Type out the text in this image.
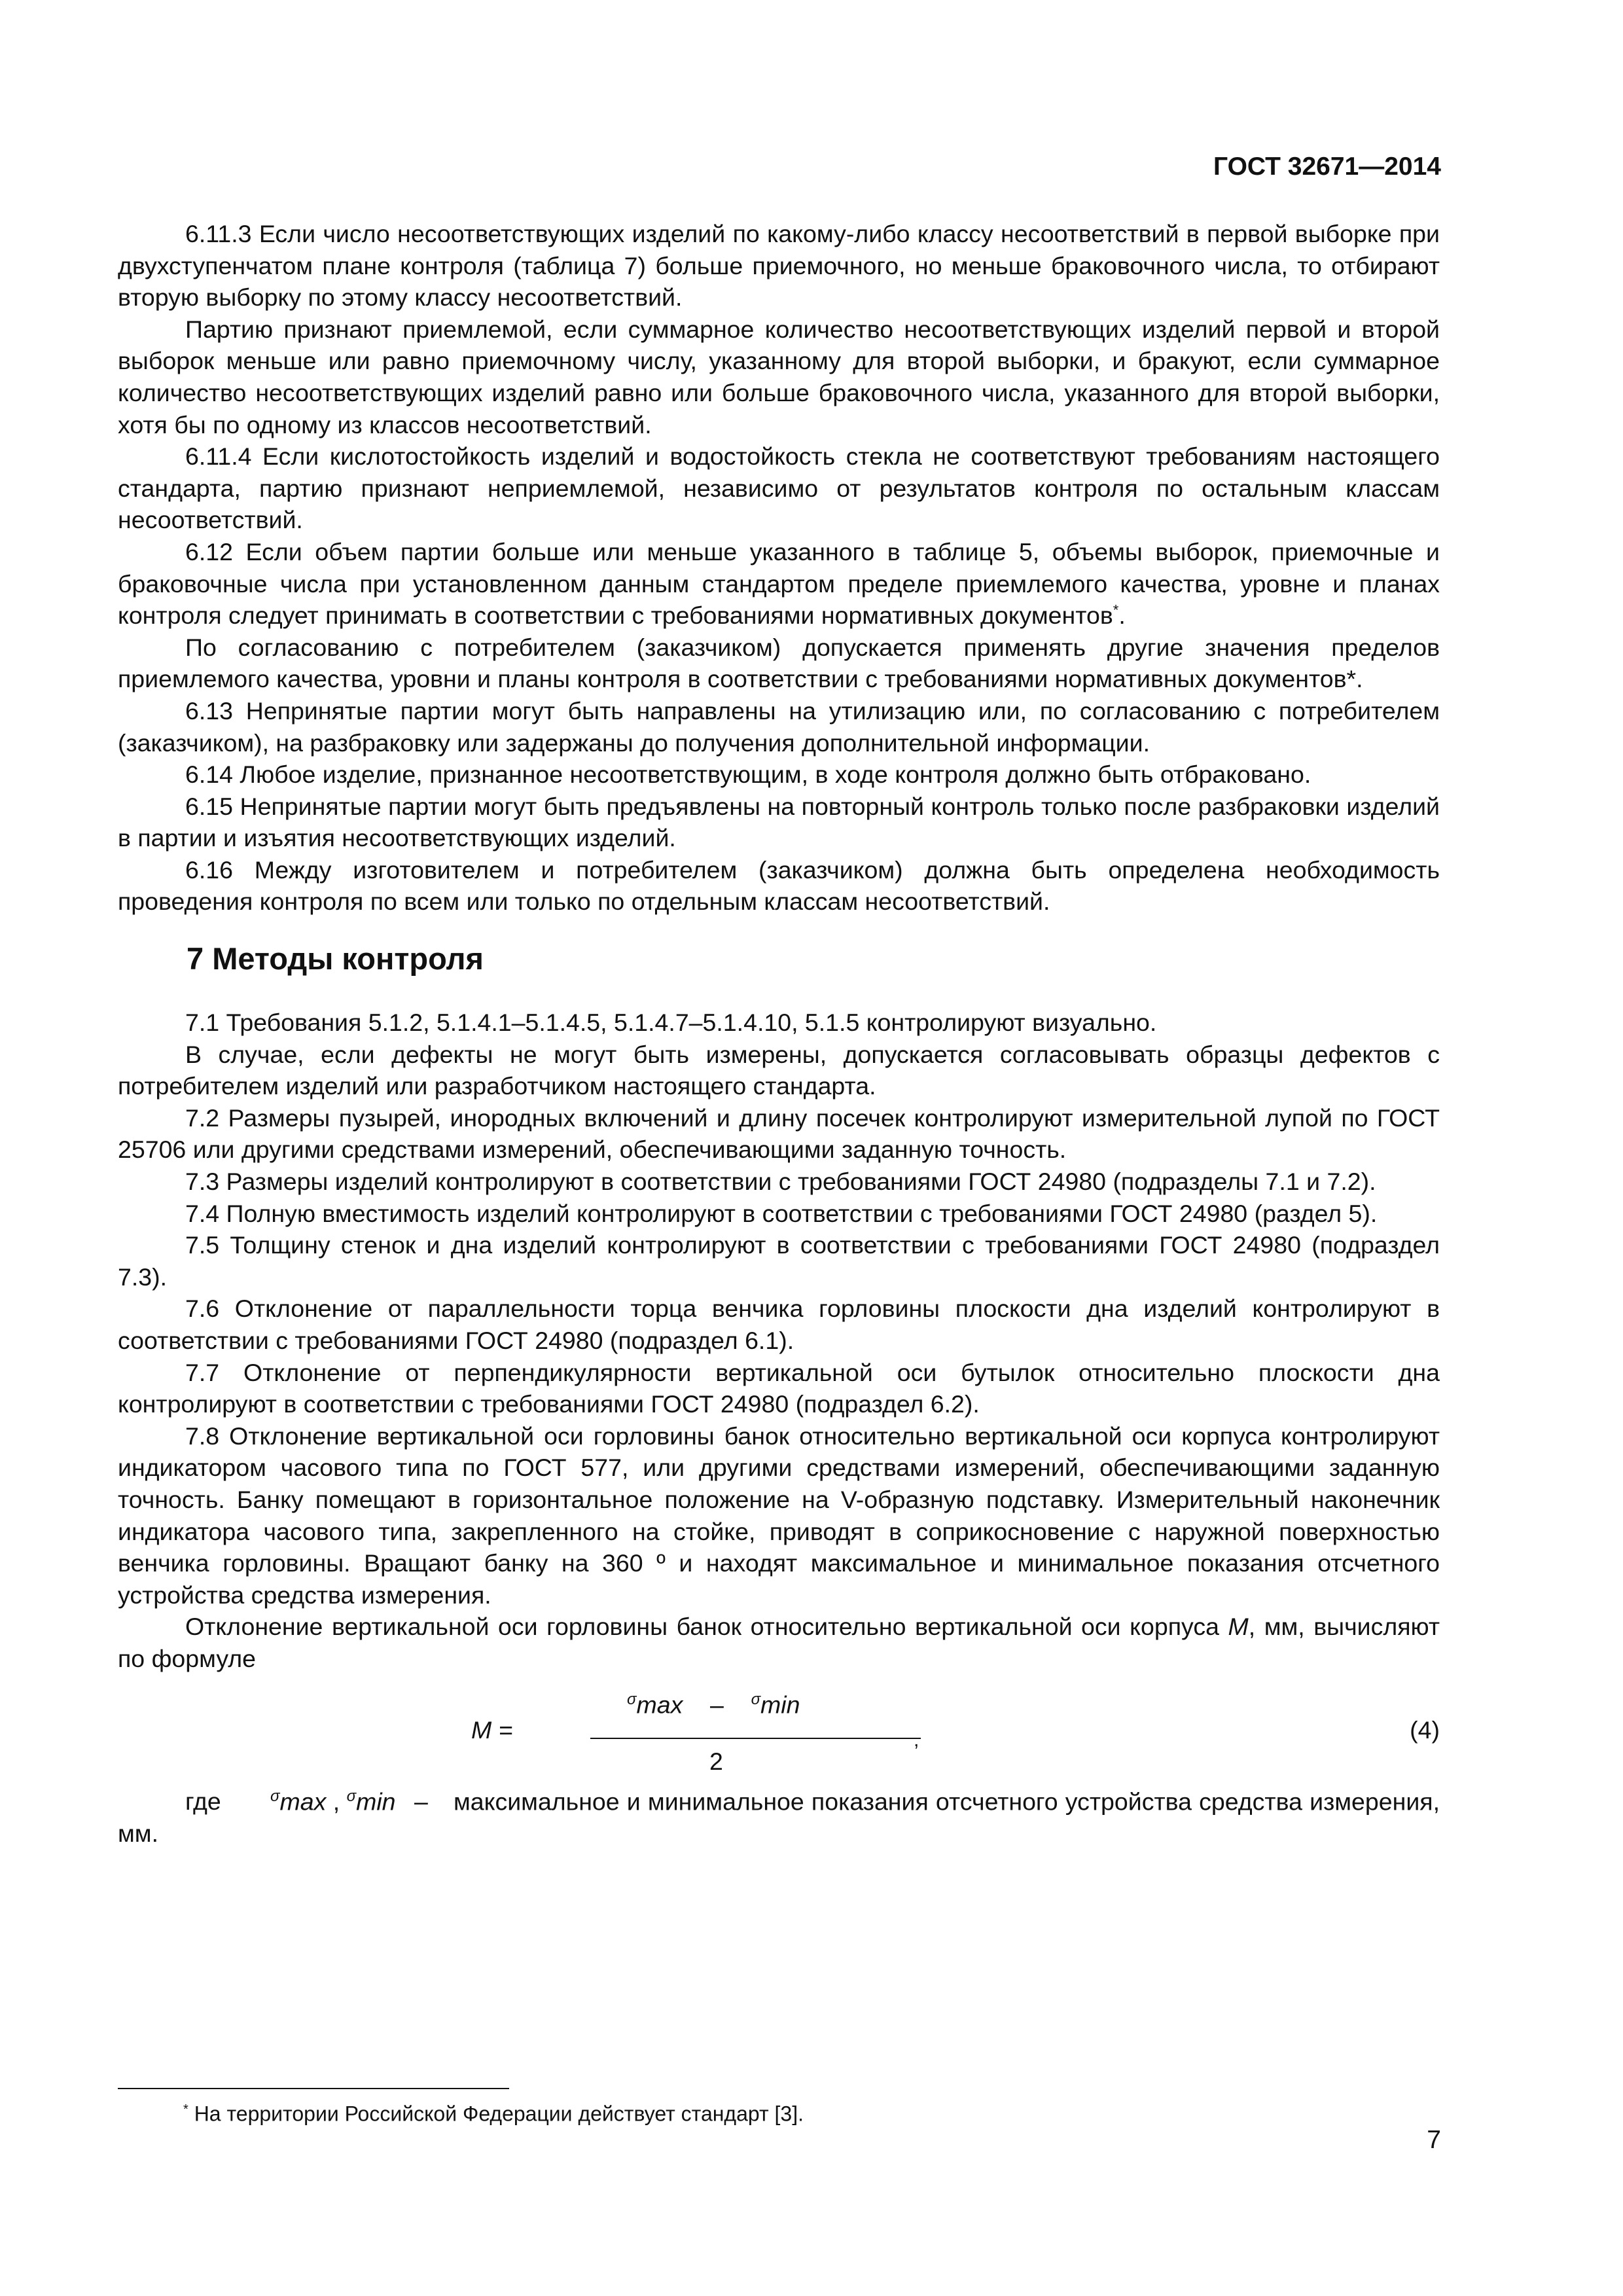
ГОСТ 32671—2014

6.11.3 Если число несоответствующих изделий по какому-либо классу несоответствий в первой выборке при двухступенчатом плане контроля (таблица 7) больше приемочного, но меньше браковочного числа, то отбирают вторую выборку по этому классу несоответствий.

Партию признают приемлемой, если суммарное количество несоответствующих изделий первой и второй выборок меньше или равно приемочному числу, указанному для второй выборки, и бракуют, если суммарное количество несоответствующих изделий равно или больше браковочного числа, указанного для второй выборки, хотя бы по одному из классов несоответствий.

6.11.4 Если кислотостойкость изделий и водостойкость стекла не соответствуют требованиям настоящего стандарта, партию признают неприемлемой, независимо от результатов контроля по остальным классам несоответствий.

6.12 Если объем партии больше или меньше указанного в таблице 5, объемы выборок, приемочные и браковочные числа при установленном данным стандартом пределе приемлемого качества, уровне и планах контроля следует принимать в соответствии с требованиями нормативных документов*.

По согласованию с потребителем (заказчиком) допускается применять другие значения пределов приемлемого качества, уровни и планы контроля в соответствии с требованиями нормативных документов*.

6.13 Непринятые партии могут быть направлены на утилизацию или, по согласованию с потребителем (заказчиком), на разбраковку или задержаны до получения дополнительной информации.

6.14 Любое изделие, признанное несоответствующим, в ходе контроля должно быть отбраковано.

6.15 Непринятые партии могут быть предъявлены на повторный контроль только после разбраковки изделий в партии и изъятия несоответствующих изделий.

6.16 Между изготовителем и потребителем (заказчиком) должна быть определена необходимость проведения контроля по всем или только по отдельным классам несоответствий.

7 Методы контроля

7.1 Требования 5.1.2, 5.1.4.1–5.1.4.5, 5.1.4.7–5.1.4.10, 5.1.5 контролируют визуально.

В случае, если дефекты не могут быть измерены, допускается согласовывать образцы дефектов с потребителем изделий или разработчиком настоящего стандарта.

7.2 Размеры пузырей, инородных включений и длину посечек контролируют измерительной лупой по ГОСТ 25706 или другими средствами измерений, обеспечивающими заданную точность.

7.3 Размеры изделий контролируют в соответствии с требованиями ГОСТ 24980 (подразделы 7.1 и 7.2).

7.4 Полную вместимость изделий контролируют в соответствии с требованиями ГОСТ 24980 (раздел 5).

7.5 Толщину стенок и дна изделий контролируют в соответствии с требованиями ГОСТ 24980 (подраздел 7.3).

7.6 Отклонение от параллельности торца венчика горловины плоскости дна изделий контролируют в соответствии с требованиями ГОСТ 24980 (подраздел 6.1).

7.7 Отклонение от перпендикулярности вертикальной оси бутылок относительно плоскости дна контролируют в соответствии с требованиями ГОСТ 24980 (подраздел 6.2).

7.8 Отклонение вертикальной оси горловины банок относительно вертикальной оси корпуса контролируют индикатором часового типа по ГОСТ 577, или другими средствами измерений, обеспечивающими заданную точность. Банку помещают в горизонтальное положение на V-образную подставку. Измерительный наконечник индикатора часового типа, закрепленного на стойке, приводят в соприкосновение с наружной поверхностью венчика горловины. Вращают банку на 360 º и находят максимальное и минимальное показания отсчетного устройства средства измерения.

Отклонение вертикальной оси горловины банок относительно вертикальной оси корпуса M, мм, вычисляют по формуле

M =
$^\sigma$max – $^\sigma$min
,
2
(4)

где	$^\sigma$max , $^\sigma$min – максимальное и минимальное показания отсчетного устройства средства измерения, мм.

* На территории Российской Федерации действует стандарт [3].
7
